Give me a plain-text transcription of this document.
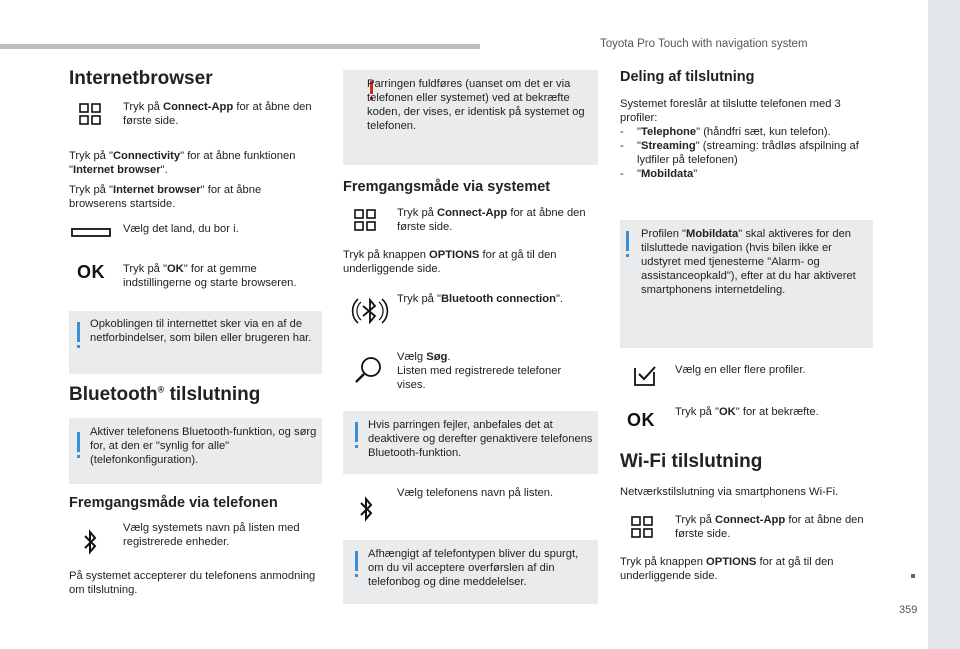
Toyota Pro Touch with navigation system
359
Internetbrowser
Tryk på Connect-App for at åbne den første side.
Tryk på "Connectivity" for at åbne funktionen "Internet browser".
Tryk på "Internet browser" for at åbne browserens startside.
Vælg det land, du bor i.
OK Tryk på "OK" for at gemme indstillingerne og starte browseren.
Opkoblingen til internettet sker via en af de netforbindelser, som bilen eller brugeren har.
Bluetooth® tilslutning
Aktiver telefonens Bluetooth-funktion, og sørg for, at den er "synlig for alle" (telefonkonfiguration).
Fremgangsmåde via telefonen
Vælg systemets navn på listen med registrerede enheder.
På systemet accepterer du telefonens anmodning om tilslutning.
Parringen fuldføres (uanset om det er via telefonen eller systemet) ved at bekræfte koden, der vises, er identisk på systemet og telefonen.
Fremgangsmåde via systemet
Tryk på Connect-App for at åbne den første side.
Tryk på knappen OPTIONS for at gå til den underliggende side.
Tryk på "Bluetooth connection".
Vælg Søg.
Listen med registrerede telefoner vises.
Hvis parringen fejler, anbefales det at deaktivere og derefter genaktivere telefonens Bluetooth-funktion.
Vælg telefonens navn på listen.
Afhængigt af telefontypen bliver du spurgt, om du vil acceptere overførslen af din telefonbog og dine meddelelser.
Deling af tilslutning
Systemet foreslår at tilslutte telefonen med 3 profiler:
-	"Telephone" (håndfri sæt, kun telefon).
-	"Streaming" (streaming: trådløs afspilning af lydfiler på telefonen)
-	"Mobildata"
Profilen "Mobildata" skal aktiveres for den tilsluttede navigation (hvis bilen ikke er udstyret med tjenesterne "Alarm- og assistanceopkald"), efter at du har aktiveret smartphonens internetdeling.
Vælg en eller flere profiler.
OK Tryk på "OK" for at bekræfte.
Wi-Fi tilslutning
Netværkstilslutning via smartphonens Wi-Fi.
Tryk på Connect-App for at åbne den første side.
Tryk på knappen OPTIONS for at gå til den underliggende side.
